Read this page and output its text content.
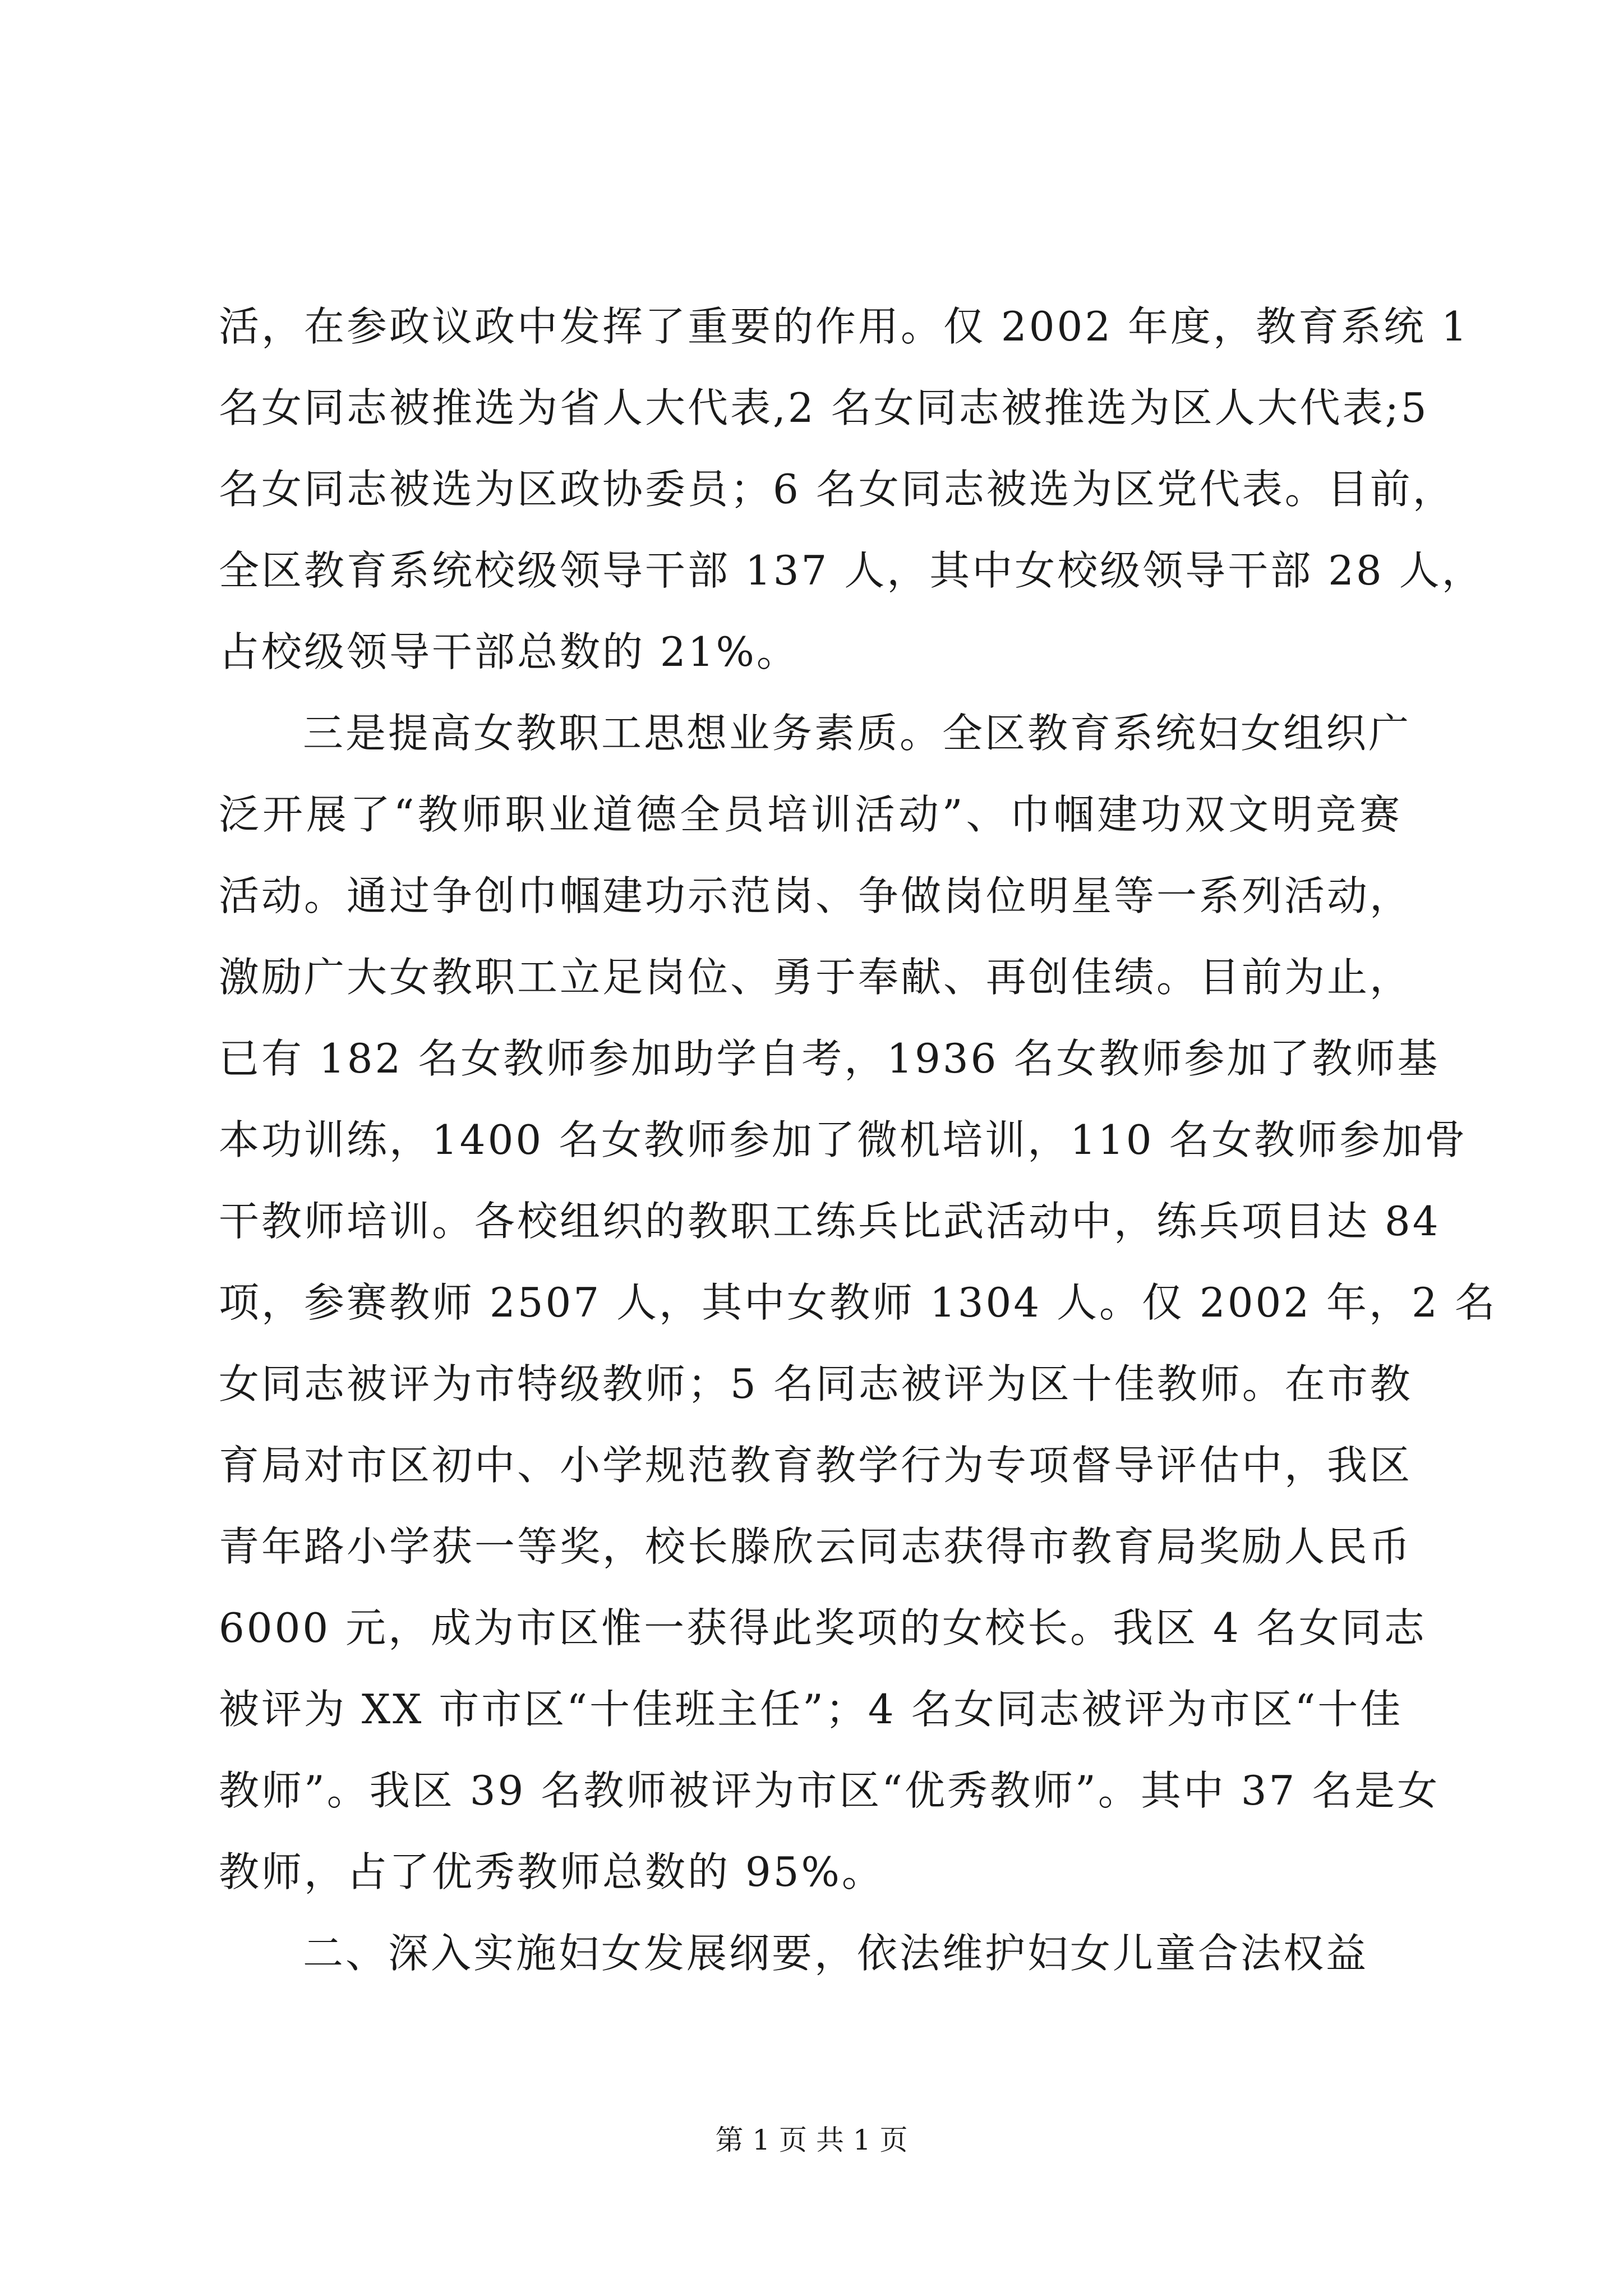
活，在参政议政中发挥了重要的作用。仅 2002 年度，教育系统 1
名女同志被推选为省人大代表,2 名女同志被推选为区人大代表;5
名女同志被选为区政协委员；6 名女同志被选为区党代表。目前，
全区教育系统校级领导干部 137 人，其中女校级领导干部 28 人，
占校级领导干部总数的 21%。
三是提高女教职工思想业务素质。全区教育系统妇女组织广
泛开展了“教师职业道德全员培训活动”、巾帼建功双文明竞赛
活动。通过争创巾帼建功示范岗、争做岗位明星等一系列活动，
激励广大女教职工立足岗位、勇于奉献、再创佳绩。目前为止，
已有 182 名女教师参加助学自考，1936 名女教师参加了教师基
本功训练，1400 名女教师参加了微机培训，110 名女教师参加骨
干教师培训。各校组织的教职工练兵比武活动中，练兵项目达 84
项，参赛教师 2507 人，其中女教师 1304 人。仅 2002 年，2 名
女同志被评为市特级教师；5 名同志被评为区十佳教师。在市教
育局对市区初中、小学规范教育教学行为专项督导评估中，我区
青年路小学获一等奖，校长滕欣云同志获得市教育局奖励人民币
6000 元，成为市区惟一获得此奖项的女校长。我区 4 名女同志
被评为 XX 市市区“十佳班主任”；4 名女同志被评为市区“十佳
教师”。我区 39 名教师被评为市区“优秀教师”。其中 37 名是女
教师，占了优秀教师总数的 95%。
二、深入实施妇女发展纲要，依法维护妇女儿童合法权益
第 1 页 共 1 页
